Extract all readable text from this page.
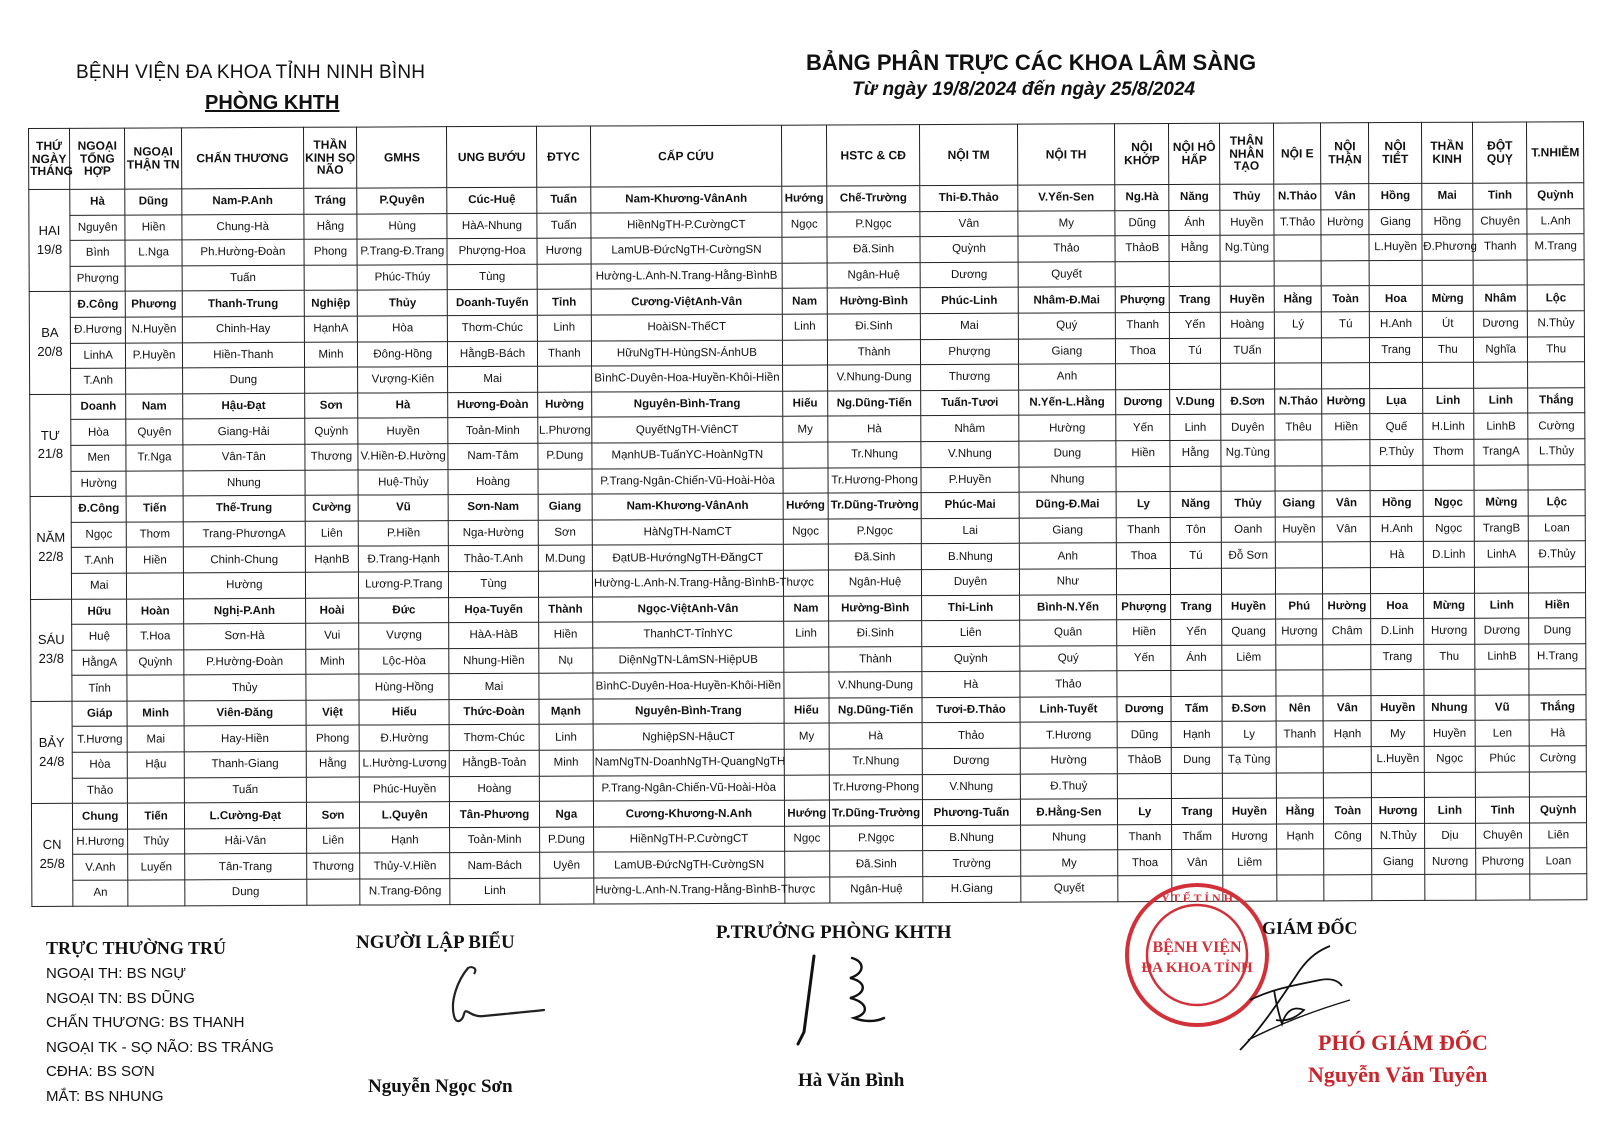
BỆNH VIỆN ĐA KHOA TỈNH NINH BÌNH
PHÒNG KHTH
BẢNG PHÂN TRỰC CÁC KHOA LÂM SÀNG
Từ ngày 19/8/2024 đến ngày 25/8/2024
THỨ NGÀY THÁNG	NGOẠI TỔNG HỢP	NGOẠI THẬN TN	CHẤN THƯƠNG	THẦN KINH SỌ NÃO	GMHS	UNG BƯỚU	ĐTYC	CẤP CỨU		HSTC & CĐ	NỘI TM	NỘI TH	NỘI KHỚP	NỘI HÔ HẤP	THẬN NHÂN TẠO	NỘI E	NỘI THẬN	NỘI TIẾT	THẦN KINH	ĐỘT QUỴ	T.NHIỄM

HAI
19/8	Hà	Dũng	Nam-P.Anh	Tráng	P.Quyên	Cúc-Huệ	Tuấn	Nam-Khương-VânAnh	Hướng	Chế-Trường	Thi-Đ.Thảo	V.Yến-Sen	Ng.Hà	Năng	Thủy	N.Thảo	Vân	Hồng	Mai	Tinh	Quỳnh
	Nguyên	Hiền	Chung-Hà	Hằng	Hùng	HàA-Nhung	Tuấn	HiềnNgTH-P.CườngCT	Ngọc	P.Ngọc	Vân	My	Dũng	Ánh	Huyền	T.Thảo	Hường	Giang	Hồng	Chuyên	L.Anh
	Bình	L.Nga	Ph.Hường-Đoàn	Phong	P.Trang-Đ.Trang	Phượng-Hoa	Hương	LamUB-ĐứcNgTH-CườngSN		Đã.Sinh	Quỳnh	Thảo	ThảoB	Hằng	Ng.Tùng			L.Huyền	Đ.Phương	Thanh	M.Trang
	Phượng		Tuấn		Phúc-Thúy	Tùng		Hường-L.Anh-N.Trang-Hằng-BìnhB		Ngân-Huệ	Dương	Quyết									

BA
20/8	Đ.Công	Phương	Thanh-Trung	Nghiệp	Thủy	Doanh-Tuyến	Tỉnh	Cương-ViệtAnh-Vân	Nam	Hường-Bình	Phúc-Linh	Nhâm-Đ.Mai	Phượng	Trang	Huyền	Hằng	Toàn	Hoa	Mừng	Nhâm	Lộc
	Đ.Hương	N.Huyền	Chinh-Hay	HạnhA	Hòa	Thơm-Chúc	Linh	HoàiSN-ThếCT	Linh	Đi.Sinh	Mai	Quý	Thanh	Yến	Hoàng	Lý	Tú	H.Anh	Út	Dương	N.Thủy
	LinhA	P.Huyền	Hiền-Thanh	Minh	Đông-Hồng	HằngB-Bách	Thanh	HữuNgTH-HùngSN-ÁnhUB		Thành	Phượng	Giang	Thoa	Tú	TUấn			Trang	Thu	Nghĩa	Thu
	T.Anh		Dung		Vượng-Kiên	Mai		BìnhC-Duyên-Hoa-Huyền-Khôi-Hiền		V.Nhung-Dung	Thương	Anh									

TƯ
21/8	Doanh	Nam	Hậu-Đạt	Sơn	Hà	Hương-Đoàn	Hường	Nguyên-Bình-Trang	Hiếu	Ng.Dũng-Tiến	Tuấn-Tươi	N.Yến-L.Hằng	Dương	V.Dung	Đ.Sơn	N.Thảo	Hường	Lụa	Linh	Linh	Thắng
	Hòa	Quyên	Giang-Hải	Quỳnh	Huyền	Toản-Minh	L.Phương	QuyếtNgTH-ViênCT	My	Hà	Nhâm	Hường	Yến	Linh	Duyên	Thêu	Hiền	Quế	H.Linh	LinhB	Cường
	Men	Tr.Nga	Vân-Tân	Thương	V.Hiền-Đ.Hường	Nam-Tâm	P.Dung	MạnhUB-TuấnYC-HoànNgTN		Tr.Nhung	V.Nhung	Dung	Hiền	Hằng	Ng.Tùng			P.Thủy	Thơm	TrangA	L.Thủy
	Hường		Nhung		Huệ-Thủy	Hoàng		P.Trang-Ngân-Chiến-Vũ-Hoài-Hòa		Tr.Hương-Phong	P.Huyền	Nhung									

NĂM
22/8	Đ.Công	Tiến	Thế-Trung	Cường	Vũ	Sơn-Nam	Giang	Nam-Khương-VânAnh	Hướng	Tr.Dũng-Trường	Phúc-Mai	Dũng-Đ.Mai	Ly	Năng	Thủy	Giang	Vân	Hồng	Ngọc	Mừng	Lộc
	Ngọc	Thơm	Trang-PhươngA	Liên	P.Hiền	Nga-Hường	Sơn	HàNgTH-NamCT	Ngọc	P.Ngọc	Lai	Giang	Thanh	Tôn	Oanh	Huyền	Vân	H.Anh	Ngọc	TrangB	Loan
	T.Anh	Hiền	Chinh-Chung	HạnhB	Đ.Trang-Hạnh	Thảo-T.Anh	M.Dung	ĐạtUB-HướngNgTH-ĐăngCT		Đã.Sinh	B.Nhung	Anh	Thoa	Tú	Đỗ Sơn			Hà	D.Linh	LinhA	Đ.Thủy
	Mai		Hường		Lương-P.Trang	Tùng		Hường-L.Anh-N.Trang-Hằng-BìnhB-Thược		Ngân-Huệ	Duyên	Như									

SÁU
23/8	Hữu	Hoàn	Nghị-P.Anh	Hoài	Đức	Họa-Tuyến	Thành	Ngọc-ViệtAnh-Vân	Nam	Hường-Bình	Thi-Linh	Bình-N.Yến	Phượng	Trang	Huyền	Phú	Hường	Hoa	Mừng	Linh	Hiền
	Huệ	T.Hoa	Sơn-Hà	Vui	Vượng	HàA-HàB	Hiền	ThanhCT-TỉnhYC	Linh	Đi.Sinh	Liên	Quân	Hiền	Yến	Quang	Hương	Châm	D.Linh	Hương	Dương	Dung
	HằngA	Quỳnh	P.Hường-Đoàn	Minh	Lộc-Hòa	Nhung-Hiền	Nụ	DiệnNgTN-LâmSN-HiệpUB		Thành	Quỳnh	Quý	Yến	Ánh	Liêm			Trang	Thu	LinhB	H.Trang
	Tỉnh		Thủy		Hùng-Hồng	Mai		BìnhC-Duyên-Hoa-Huyền-Khôi-Hiền		V.Nhung-Dung	Hà	Thảo									

BẢY
24/8	Giáp	Minh	Viên-Đăng	Việt	Hiếu	Thức-Đoàn	Mạnh	Nguyên-Bình-Trang	Hiếu	Ng.Dũng-Tiến	Tươi-Đ.Thảo	Linh-Tuyết	Dương	Tấm	Đ.Sơn	Nên	Vân	Huyền	Nhung	Vũ	Thắng
	T.Hương	Mai	Hay-Hiền	Phong	Đ.Hường	Thơm-Chúc	Linh	NghiệpSN-HậuCT	My	Hà	Thảo	T.Hương	Dũng	Hạnh	Ly	Thanh	Hạnh	My	Huyền	Len	Hà
	Hòa	Hậu	Thanh-Giang	Hằng	L.Hường-Lương	HằngB-Toản	Minh	NamNgTN-DoanhNgTH-QuangNgTH		Tr.Nhung	Dương	Hường	ThảoB	Dung	Tạ Tùng			L.Huyền	Ngọc	Phúc	Cường
	Thảo		Tuấn		Phúc-Huyền	Hoàng		P.Trang-Ngân-Chiến-Vũ-Hoài-Hòa		Tr.Hương-Phong	V.Nhung	Đ.Thuỷ									

CN
25/8	Chung	Tiến	L.Cường-Đạt	Sơn	L.Quyên	Tân-Phương	Nga	Cương-Khương-N.Anh	Hướng	Tr.Dũng-Trường	Phương-Tuấn	Đ.Hằng-Sen	Ly	Trang	Huyền	Hằng	Toàn	Hương	Linh	Tinh	Quỳnh
	H.Hương	Thủy	Hải-Vân	Liên	Hạnh	Toản-Minh	P.Dung	HiềnNgTH-P.CườngCT	Ngọc	P.Ngọc	B.Nhung	Nhung	Thanh	Thẩm	Hương	Hạnh	Công	N.Thủy	Dịu	Chuyên	Liên
	V.Anh	Luyến	Tân-Trang	Thương	Thủy-V.Hiền	Nam-Bách	Uyên	LamUB-ĐứcNgTH-CườngSN		Đã.Sinh	Trường	My	Thoa	Vân	Liêm			Giang	Nương	Phương	Loan
	An		Dung		N.Trang-Đông	Linh		Hường-L.Anh-N.Trang-Hằng-BìnhB-Thược		Ngân-Huệ	H.Giang	Quyết									
TRỰC THƯỜNG TRÚ
NGOẠI TH: BS NGỰ
NGOẠI TN: BS DŨNG
CHẤN THƯƠNG: BS THANH
NGOẠI TK - SỌ NÃO: BS TRÁNG
CĐHA: BS SƠN
MẮT: BS NHUNG
NGƯỜI LẬP BIỂU
Nguyễn Ngọc Sơn
P.TRƯỞNG PHÒNG KHTH
Hà Văn Bình
BỆNH VIỆN
ĐA KHOA TỈNH
Y T Ế T Ỉ N H
GIÁM ĐỐC
PHÓ GIÁM ĐỐC
Nguyễn Văn Tuyên
